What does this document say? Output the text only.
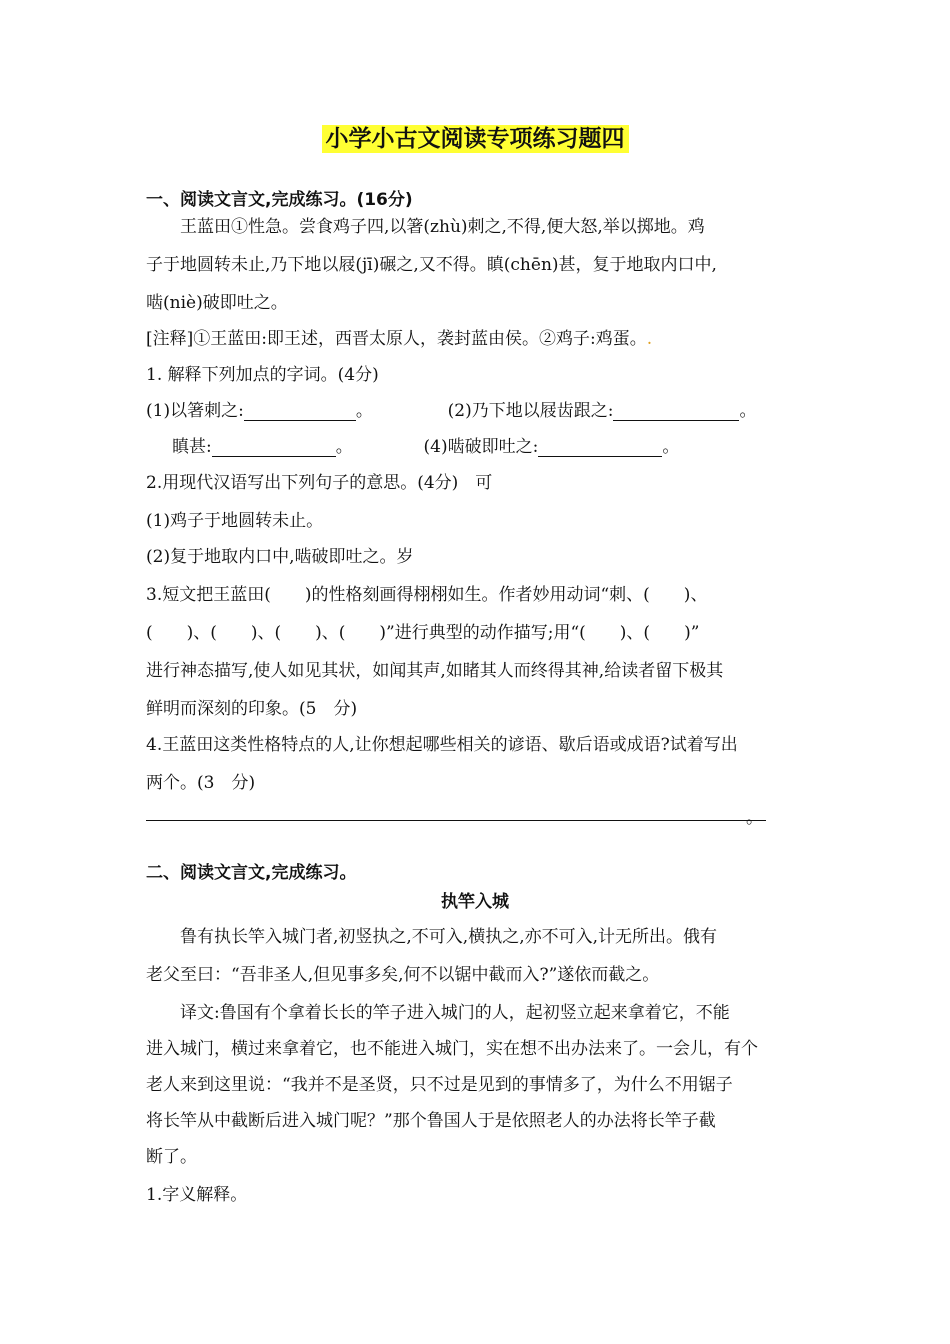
小学小古文阅读专项练习题四
一、阅读文言文,完成练习。(16分)
王蓝田①性急。尝食鸡子四,以箸(zhù)刺之,不得,便大怒,举以掷地。鸡
子于地圆转未止,乃下地以屐(jī)碾之,又不得。瞋(chēn)甚，复于地取内口中,
啮(niè)破即吐之。
[注释]①王蓝田:即王述，西晋太原人，袭封蓝由侯。②鸡子:鸡蛋。.
1. 解释下列加点的字词。(4分)
(1)以箸刺之:	。	(2)乃下地以屐齿跟之:	。
瞋甚:	。	(4)啮破即吐之:	。
2.用现代汉语写出下列句子的意思。(4分)　可
(1)鸡子于地圆转未止。
(2)复于地取内口中,啮破即吐之。岁
3.短文把王蓝田(　　)的性格刻画得栩栩如生。作者妙用动词“刺、(　　)、
(　　)、(　　)、(　　)、(　　)”进行典型的动作描写;用“(　　)、(　　)”
进行神态描写,使人如见其状，如闻其声,如睹其人而终得其神,给读者留下极其
鲜明而深刻的印象。(5　分)
4.王蓝田这类性格特点的人,让你想起哪些相关的谚语、歇后语或成语?试着写出
两个。(3　分)
。
二、阅读文言文,完成练习。
执竿入城
鲁有执长竿入城门者,初竖执之,不可入,横执之,亦不可入,计无所出。俄有
老父至曰：“吾非圣人,但见事多矣,何不以锯中截而入?”遂依而截之。
译文:鲁国有个拿着长长的竿子进入城门的人，起初竖立起来拿着它，不能
进入城门，横过来拿着它，也不能进入城门，实在想不出办法来了。一会儿，有个
老人来到这里说：“我并不是圣贤，只不过是见到的事情多了，为什么不用锯子
将长竿从中截断后进入城门呢？”那个鲁国人于是依照老人的办法将长竿子截
断了。
1.字义解释。
